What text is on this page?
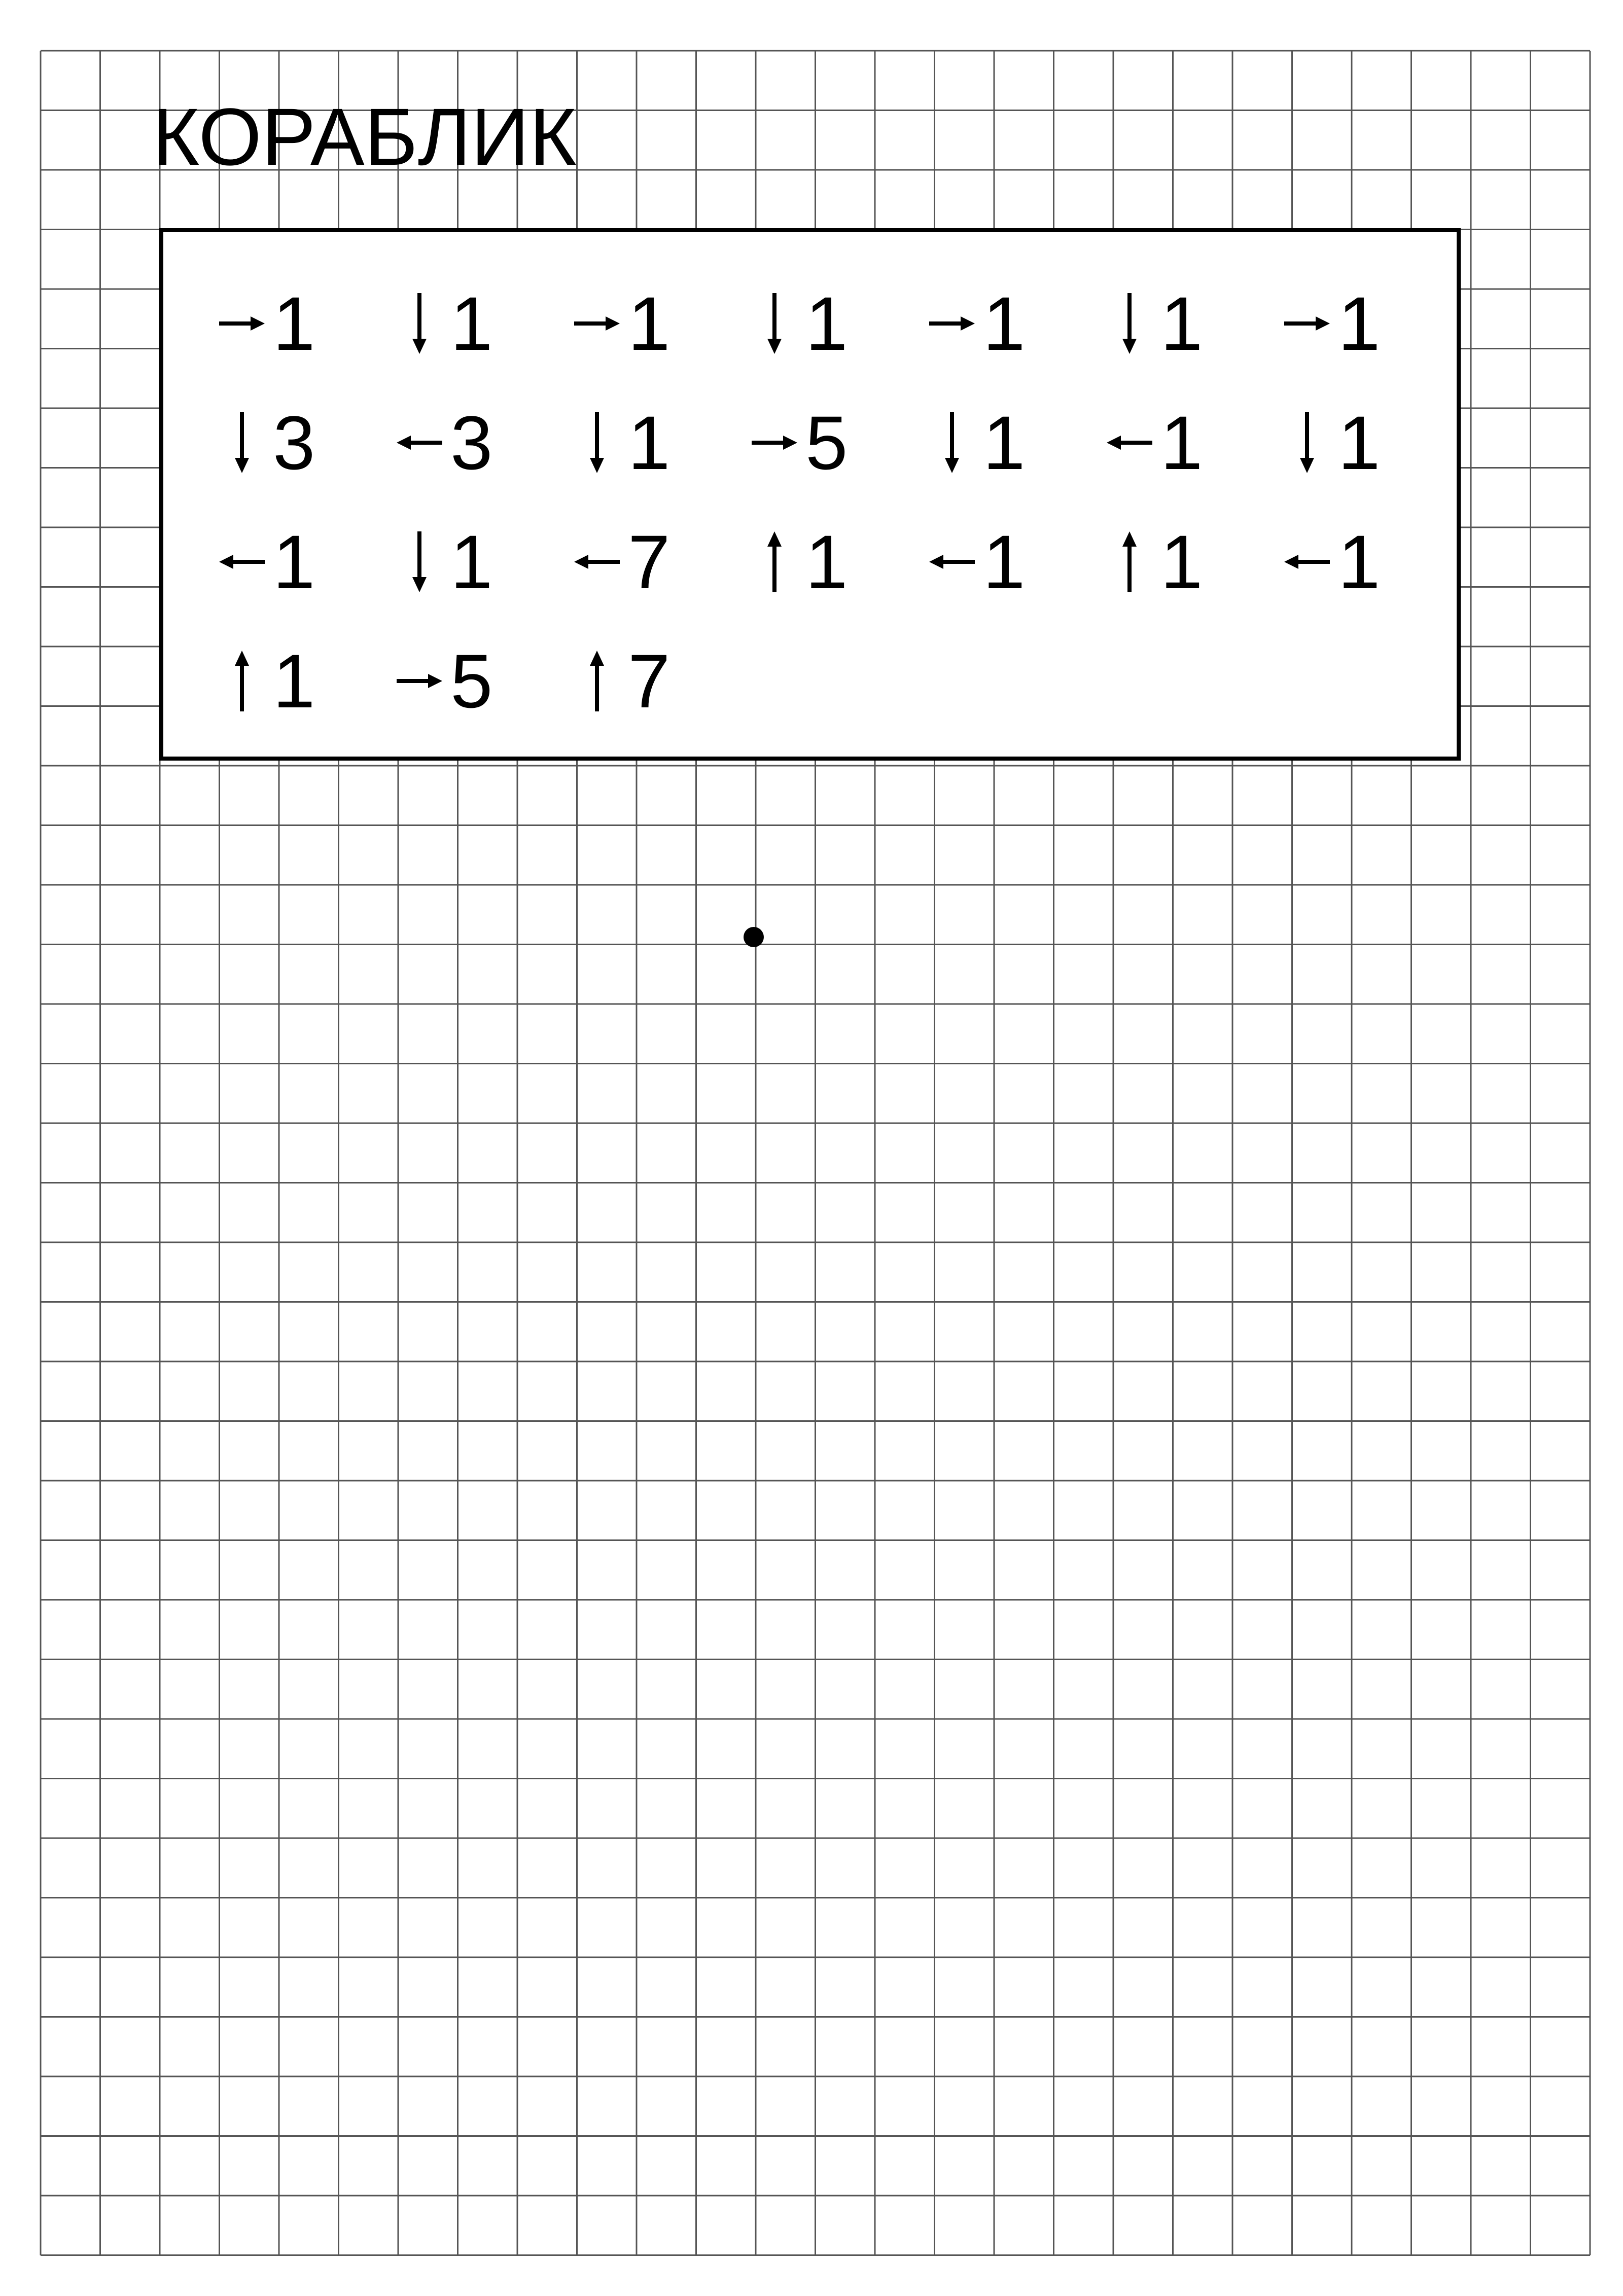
КОРАБЛИК
1 1 1 1 1 1 1
3 3 1 5 1 1 1
1 1 7 1 1 1 1
1 5 7
